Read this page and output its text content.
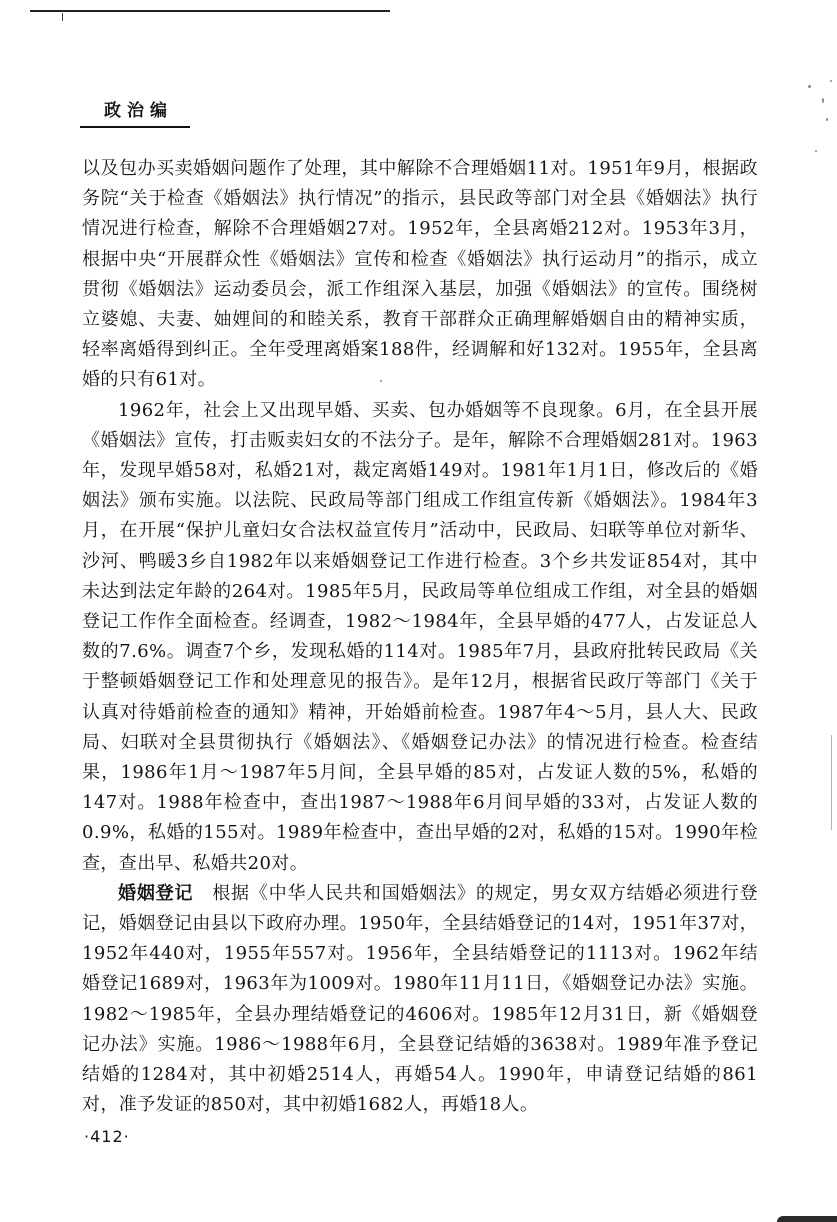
政治编

以及包办买卖婚姻问题作了处理，其中解除不合理婚姻11对。1951年9月，根据政务院“关于检查《婚姻法》执行情况”的指示，县民政等部门对全县《婚姻法》执行情况进行检查，解除不合理婚姻27对。1952年，全县离婚212对。1953年3月，根据中央“开展群众性《婚姻法》宣传和检查《婚姻法》执行运动月”的指示，成立贯彻《婚姻法》运动委员会，派工作组深入基层，加强《婚姻法》的宣传。围绕树立婆媳、夫妻、妯娌间的和睦关系，教育干部群众正确理解婚姻自由的精神实质，轻率离婚得到纠正。全年受理离婚案188件，经调解和好132对。1955年，全县离婚的只有61对。

1962年，社会上又出现早婚、买卖、包办婚姻等不良现象。6月，在全县开展《婚姻法》宣传，打击贩卖妇女的不法分子。是年，解除不合理婚姻281对。1963年，发现早婚58对，私婚21对，裁定离婚149对。1981年1月1日，修改后的《婚姻法》颁布实施。以法院、民政局等部门组成工作组宣传新《婚姻法》。1984年3月，在开展“保护儿童妇女合法权益宣传月”活动中，民政局、妇联等单位对新华、沙河、鸭暖3乡自1982年以来婚姻登记工作进行检查。3个乡共发证854对，其中未达到法定年龄的264对。1985年5月，民政局等单位组成工作组，对全县的婚姻登记工作作全面检查。经调查，1982～1984年，全县早婚的477人，占发证总人数的7.6%。调查7个乡，发现私婚的114对。1985年7月，县政府批转民政局《关于整顿婚姻登记工作和处理意见的报告》。是年12月，根据省民政厅等部门《关于认真对待婚前检查的通知》精神，开始婚前检查。1987年4～5月，县人大、民政局、妇联对全县贯彻执行《婚姻法》、《婚姻登记办法》的情况进行检查。检查结果，1986年1月～1987年5月间，全县早婚的85对，占发证人数的5%，私婚的147对。1988年检查中，查出1987～1988年6月间早婚的33对，占发证人数的0.9%，私婚的155对。1989年检查中，查出早婚的2对，私婚的15对。1990年检查，查出早、私婚共20对。

婚姻登记　 根据《中华人民共和国婚姻法》的规定，男女双方结婚必须进行登记，婚姻登记由县以下政府办理。1950年，全县结婚登记的14对，1951年37对，1952年440对，1955年557对。1956年，全县结婚登记的1113对。1962年结婚登记1689对，1963年为1009对。1980年11月11日，《婚姻登记办法》实施。1982～1985年，全县办理结婚登记的4606对。1985年12月31日，新《婚姻登记办法》实施。1986～1988年6月，全县登记结婚的3638对。1989年准予登记结婚的1284对，其中初婚2514人，再婚54人。1990年，申请登记结婚的861对，准予发证的850对，其中初婚1682人，再婚18人。

·412·
